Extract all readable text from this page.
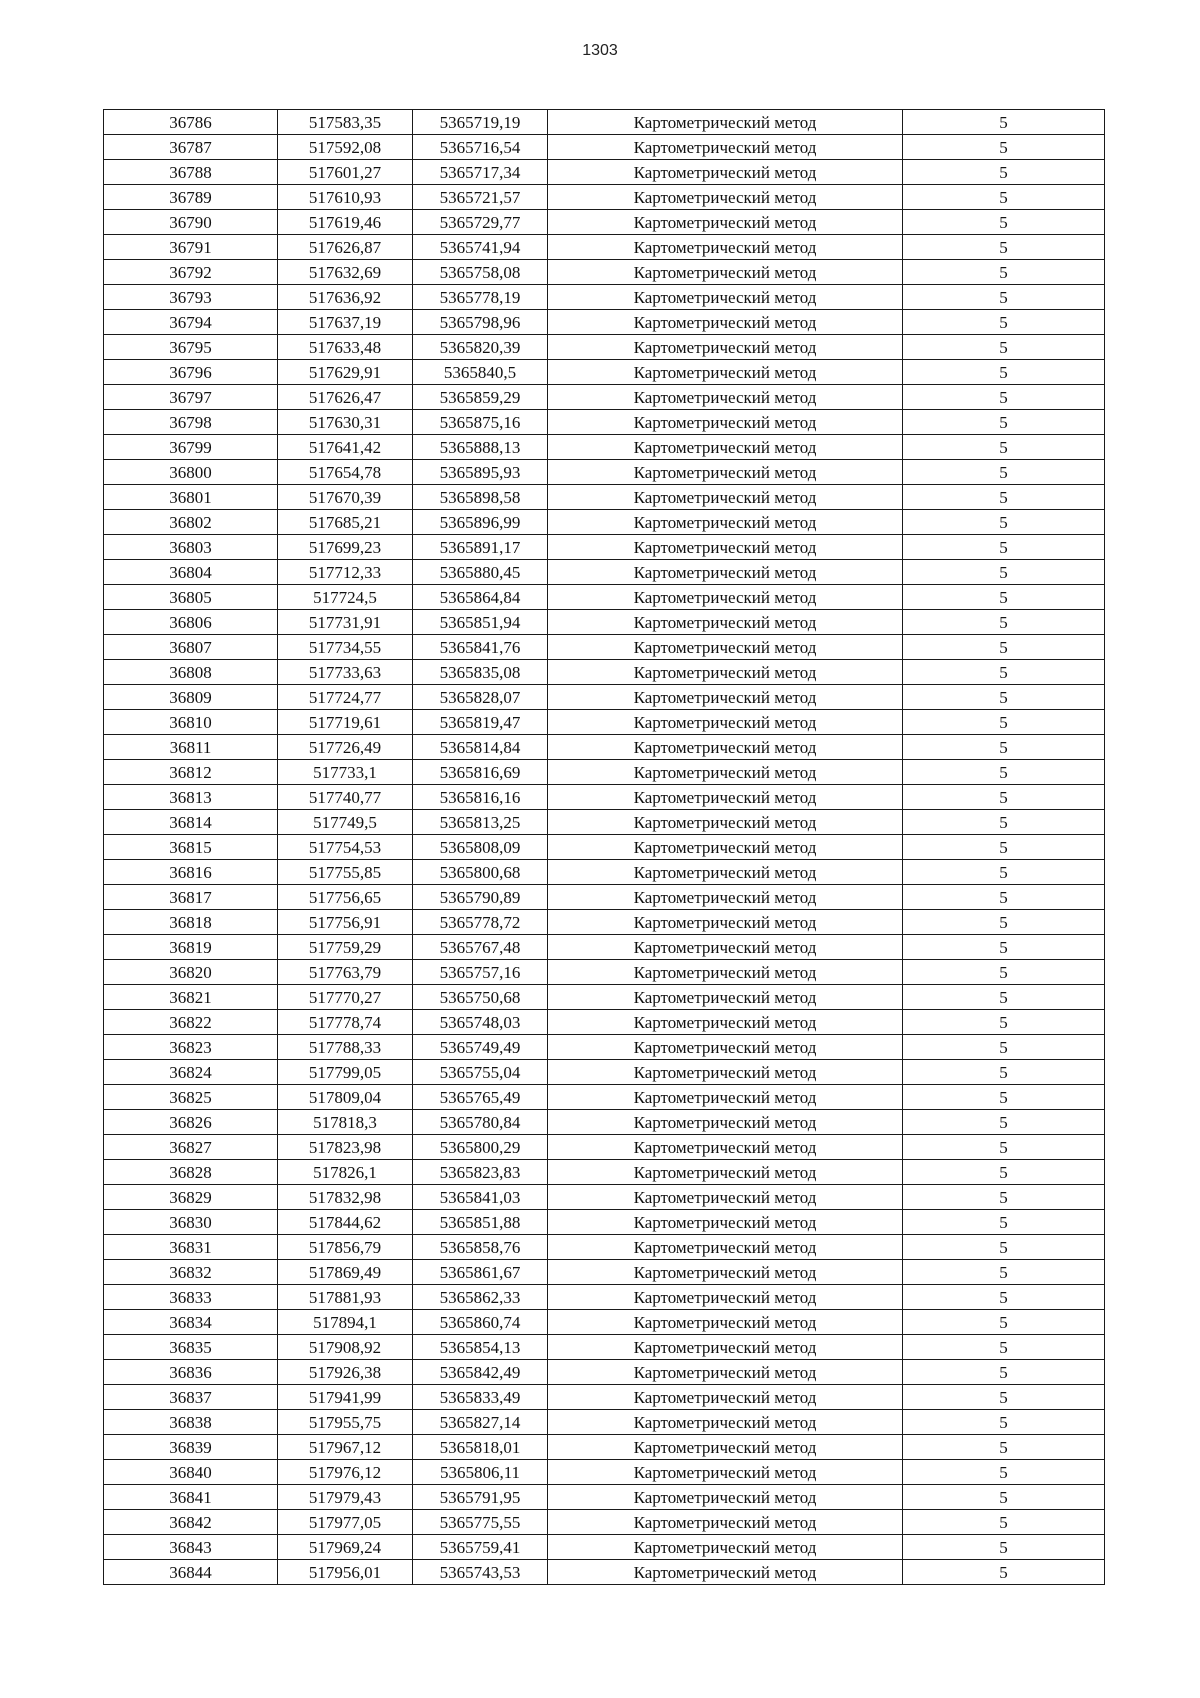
1303
36786	517583,35	5365719,19	Картометрический метод	5
36787	517592,08	5365716,54	Картометрический метод	5
36788	517601,27	5365717,34	Картометрический метод	5
36789	517610,93	5365721,57	Картометрический метод	5
36790	517619,46	5365729,77	Картометрический метод	5
36791	517626,87	5365741,94	Картометрический метод	5
36792	517632,69	5365758,08	Картометрический метод	5
36793	517636,92	5365778,19	Картометрический метод	5
36794	517637,19	5365798,96	Картометрический метод	5
36795	517633,48	5365820,39	Картометрический метод	5
36796	517629,91	5365840,5	Картометрический метод	5
36797	517626,47	5365859,29	Картометрический метод	5
36798	517630,31	5365875,16	Картометрический метод	5
36799	517641,42	5365888,13	Картометрический метод	5
36800	517654,78	5365895,93	Картометрический метод	5
36801	517670,39	5365898,58	Картометрический метод	5
36802	517685,21	5365896,99	Картометрический метод	5
36803	517699,23	5365891,17	Картометрический метод	5
36804	517712,33	5365880,45	Картометрический метод	5
36805	517724,5	5365864,84	Картометрический метод	5
36806	517731,91	5365851,94	Картометрический метод	5
36807	517734,55	5365841,76	Картометрический метод	5
36808	517733,63	5365835,08	Картометрический метод	5
36809	517724,77	5365828,07	Картометрический метод	5
36810	517719,61	5365819,47	Картометрический метод	5
36811	517726,49	5365814,84	Картометрический метод	5
36812	517733,1	5365816,69	Картометрический метод	5
36813	517740,77	5365816,16	Картометрический метод	5
36814	517749,5	5365813,25	Картометрический метод	5
36815	517754,53	5365808,09	Картометрический метод	5
36816	517755,85	5365800,68	Картометрический метод	5
36817	517756,65	5365790,89	Картометрический метод	5
36818	517756,91	5365778,72	Картометрический метод	5
36819	517759,29	5365767,48	Картометрический метод	5
36820	517763,79	5365757,16	Картометрический метод	5
36821	517770,27	5365750,68	Картометрический метод	5
36822	517778,74	5365748,03	Картометрический метод	5
36823	517788,33	5365749,49	Картометрический метод	5
36824	517799,05	5365755,04	Картометрический метод	5
36825	517809,04	5365765,49	Картометрический метод	5
36826	517818,3	5365780,84	Картометрический метод	5
36827	517823,98	5365800,29	Картометрический метод	5
36828	517826,1	5365823,83	Картометрический метод	5
36829	517832,98	5365841,03	Картометрический метод	5
36830	517844,62	5365851,88	Картометрический метод	5
36831	517856,79	5365858,76	Картометрический метод	5
36832	517869,49	5365861,67	Картометрический метод	5
36833	517881,93	5365862,33	Картометрический метод	5
36834	517894,1	5365860,74	Картометрический метод	5
36835	517908,92	5365854,13	Картометрический метод	5
36836	517926,38	5365842,49	Картометрический метод	5
36837	517941,99	5365833,49	Картометрический метод	5
36838	517955,75	5365827,14	Картометрический метод	5
36839	517967,12	5365818,01	Картометрический метод	5
36840	517976,12	5365806,11	Картометрический метод	5
36841	517979,43	5365791,95	Картометрический метод	5
36842	517977,05	5365775,55	Картометрический метод	5
36843	517969,24	5365759,41	Картометрический метод	5
36844	517956,01	5365743,53	Картометрический метод	5
